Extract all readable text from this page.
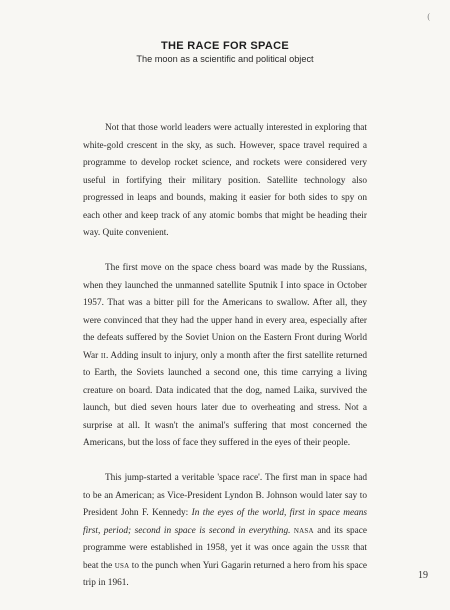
(
THE RACE FOR SPACE
The moon as a scientific and political object

Not that those world leaders were actually interested in exploring that white-gold crescent in the sky, as such. However, space travel required a programme to develop rocket science, and rockets were considered very useful in fortifying their military position. Satellite technology also progressed in leaps and bounds, making it easier for both sides to spy on each other and keep track of any atomic bombs that might be heading their way. Quite convenient.

The first move on the space chess board was made by the Russians, when they launched the unmanned satellite Sputnik I into space in October 1957. That was a bitter pill for the Americans to swallow. After all, they were convinced that they had the upper hand in every area, especially after the defeats suffered by the Soviet Union on the Eastern Front during World War II. Adding insult to injury, only a month after the first satellite returned to Earth, the Soviets launched a second one, this time carrying a living creature on board. Data indicated that the dog, named Laika, survived the launch, but died seven hours later due to overheating and stress. Not a surprise at all. It wasn't the animal's suffering that most concerned the Americans, but the loss of face they suffered in the eyes of their people.

This jump-started a veritable 'space race'. The first man in space had to be an American; as Vice-President Lyndon B. Johnson would later say to President John F. Kennedy: In the eyes of the world, first in space means first, period; second in space is second in everything. NASA and its space programme were established in 1958, yet it was once again the USSR that beat the USA to the punch when Yuri Gagarin returned a hero from his space trip in 1961.

19
